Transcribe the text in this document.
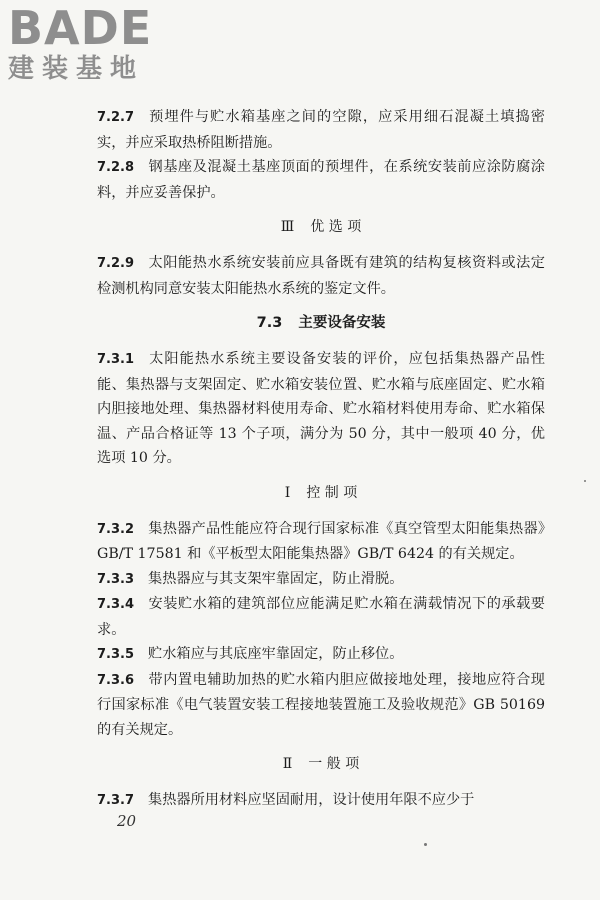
BADE
建装基地

7.2.7 预埋件与贮水箱基座之间的空隙，应采用细石混凝土填捣密实，并应采取热桥阻断措施。

7.2.8 钢基座及混凝土基座顶面的预埋件，在系统安装前应涂防腐涂料，并应妥善保护。

Ⅲ 优 选 项

7.2.9 太阳能热水系统安装前应具备既有建筑的结构复核资料或法定检测机构同意安装太阳能热水系统的鉴定文件。

7.3 主要设备安装

7.3.1 太阳能热水系统主要设备安装的评价，应包括集热器产品性能、集热器与支架固定、贮水箱安装位置、贮水箱与底座固定、贮水箱内胆接地处理、集热器材料使用寿命、贮水箱材料使用寿命、贮水箱保温、产品合格证等 13 个子项，满分为 50 分，其中一般项 40 分，优选项 10 分。

Ⅰ 控 制 项

7.3.2 集热器产品性能应符合现行国家标准《真空管型太阳能集热器》GB/T 17581 和《平板型太阳能集热器》GB/T 6424 的有关规定。

7.3.3 集热器应与其支架牢靠固定，防止滑脱。

7.3.4 安装贮水箱的建筑部位应能满足贮水箱在满载情况下的承载要求。

7.3.5 贮水箱应与其底座牢靠固定，防止移位。

7.3.6 带内置电辅助加热的贮水箱内胆应做接地处理，接地应符合现行国家标准《电气装置安装工程接地装置施工及验收规范》GB 50169 的有关规定。

Ⅱ 一 般 项

7.3.7 集热器所用材料应坚固耐用，设计使用年限不应少于

20
